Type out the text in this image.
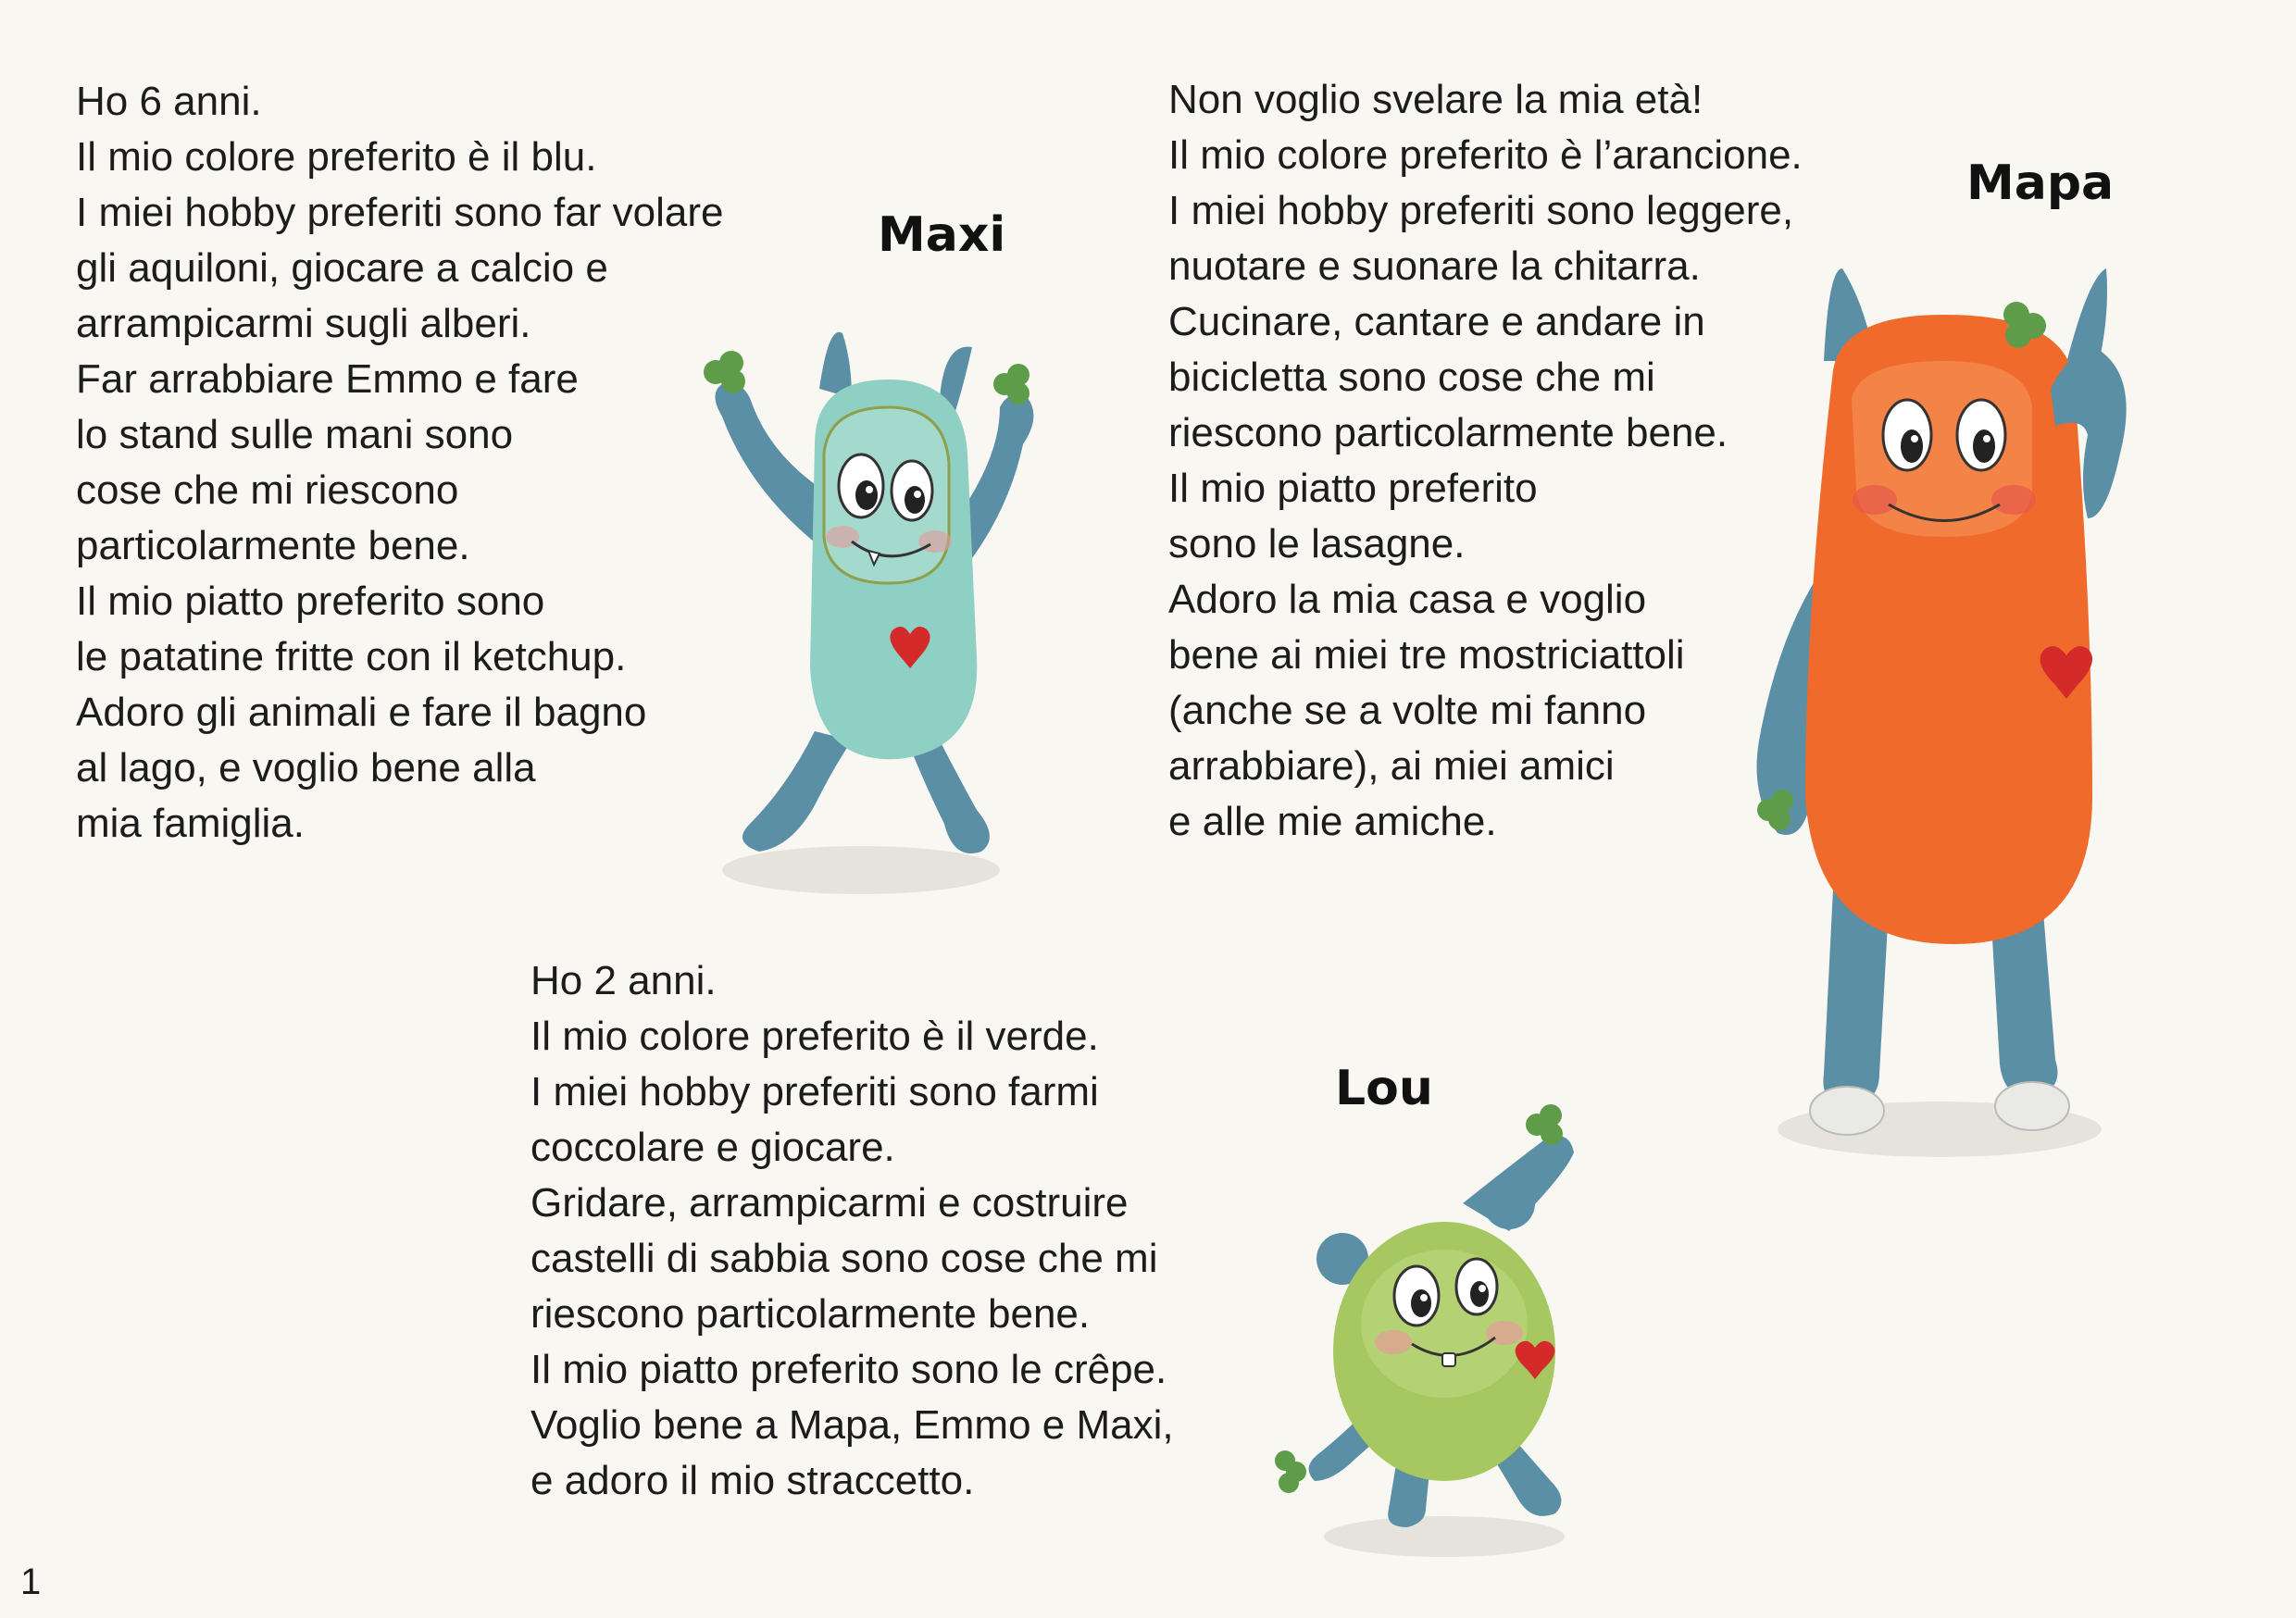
Ho 6 anni.
Il mio colore preferito è il blu.
I miei hobby preferiti sono far volare
gli aquiloni, giocare a calcio e
arrampicarmi sugli alberi.
Far arrabbiare Emmo e fare
lo stand sulle mani sono
cose che mi riescono
particolarmente bene.
Il mio piatto preferito sono
le patatine fritte con il ketchup.
Adoro gli animali e fare il bagno
al lago, e voglio bene alla
mia famiglia.

Maxi

Non voglio svelare la mia età!
Il mio colore preferito è l’arancione.
I miei hobby preferiti sono leggere,
nuotare e suonare la chitarra.
Cucinare, cantare e andare in
bicicletta sono cose che mi
riescono particolarmente bene.
Il mio piatto preferito
sono le lasagne.
Adoro la mia casa e voglio
bene ai miei tre mostriciattoli
(anche se a volte mi fanno
arrabbiare), ai miei amici
e alle mie amiche.

Mapa

Ho 2 anni.
Il mio colore preferito è il verde.
I miei hobby preferiti sono farmi
coccolare e giocare.
Gridare, arrampicarmi e costruire
castelli di sabbia sono cose che mi
riescono particolarmente bene.
Il mio piatto preferito sono le crêpe.
Voglio bene a Mapa, Emmo e Maxi,
e adoro il mio straccetto.

Lou

1
